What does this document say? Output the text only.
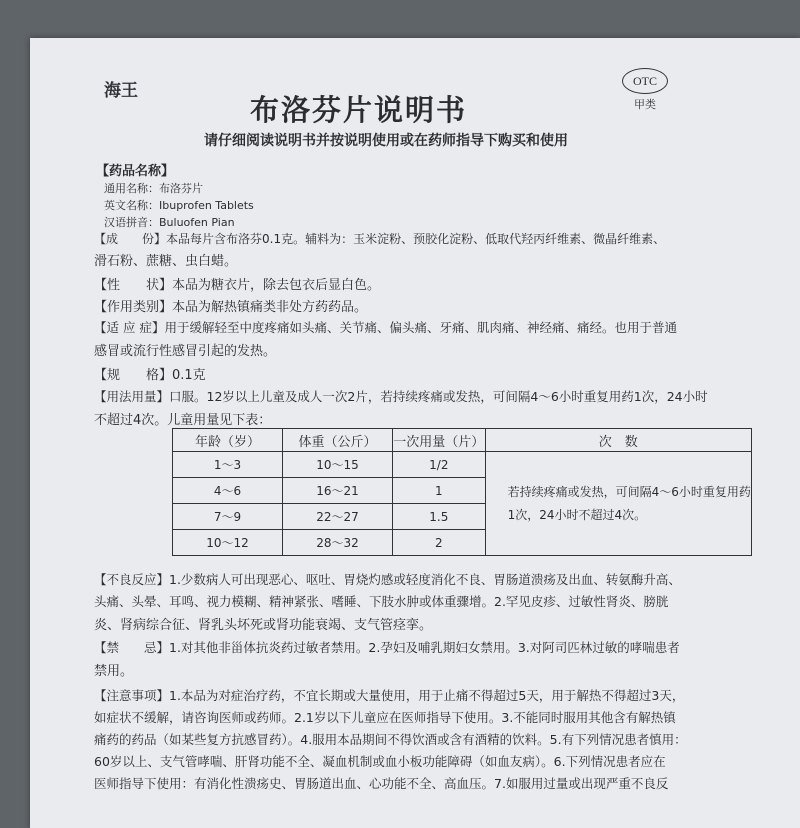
海王	OTC
甲类
布洛芬片说明书
请仔细阅读说明书并按说明使用或在药师指导下购买和使用
【药品名称】
通用名称：布洛芬片
英文名称：Ibuprofen Tablets
汉语拼音：Buluofen Pian
【成　　份】本品每片含布洛芬0.1克。辅料为：玉米淀粉、预胶化淀粉、低取代羟丙纤维素、微晶纤维素、
滑石粉、蔗糖、虫白蜡。
【性　　状】本品为糖衣片，除去包衣后显白色。
【作用类别】本品为解热镇痛类非处方药药品。
【适 应 症】用于缓解轻至中度疼痛如头痛、关节痛、偏头痛、牙痛、肌肉痛、神经痛、痛经。也用于普通
感冒或流行性感冒引起的发热。
【规　　格】0.1克
【用法用量】口服。12岁以上儿童及成人一次2片，若持续疼痛或发热，可间隔4～6小时重复用药1次，24小时
不超过4次。儿童用量见下表：
年龄（岁）	体重（公斤）	一次用量（片）	次　数
1～3	10～15	1/2	若持续疼痛或发热，可间隔4～6小时重复用药1次，24小时不超过4次。
4～6	16～21	1	
7～9	22～27	1.5	
10～12	28～32	2	
【不良反应】1.少数病人可出现恶心、呕吐、胃烧灼感或轻度消化不良、胃肠道溃疡及出血、转氨酶升高、
头痛、头晕、耳鸣、视力模糊、精神紧张、嗜睡、下肢水肿或体重骤增。2.罕见皮疹、过敏性肾炎、膀胱
炎、肾病综合征、肾乳头坏死或肾功能衰竭、支气管痉挛。
【禁　　忌】1.对其他非甾体抗炎药过敏者禁用。2.孕妇及哺乳期妇女禁用。3.对阿司匹林过敏的哮喘患者
禁用。
【注意事项】1.本品为对症治疗药，不宜长期或大量使用，用于止痛不得超过5天，用于解热不得超过3天，
如症状不缓解，请咨询医师或药师。2.1岁以下儿童应在医师指导下使用。3.不能同时服用其他含有解热镇
痛药的药品（如某些复方抗感冒药）。4.服用本品期间不得饮酒或含有酒精的饮料。5.有下列情况患者慎用：
60岁以上、支气管哮喘、肝肾功能不全、凝血机制或血小板功能障碍（如血友病）。6.下列情况患者应在
医师指导下使用：有消化性溃疡史、胃肠道出血、心功能不全、高血压。7.如服用过量或出现严重不良反
